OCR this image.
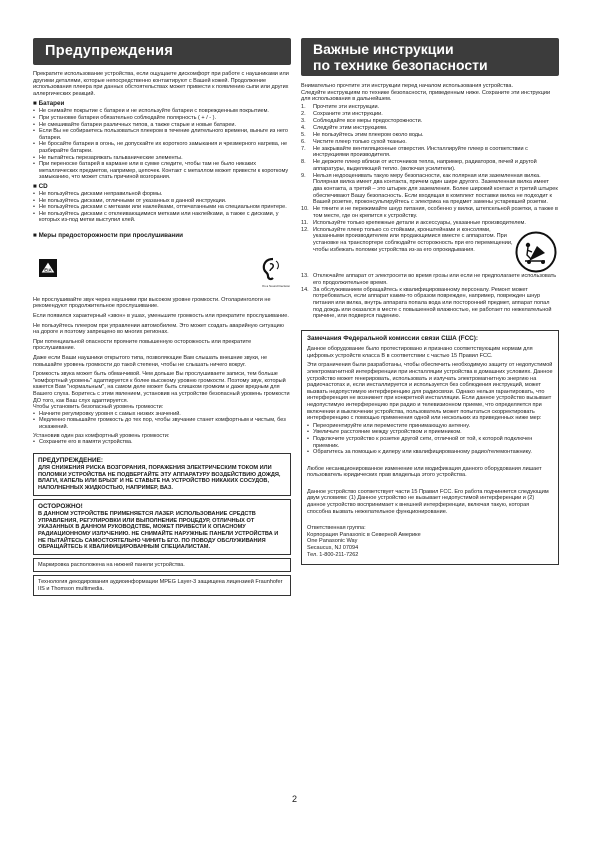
Предупреждения

Прекратите использование устройства, если ощущаете дискомфорт при работе с наушниками или другими деталями, которые непосредственно контактируют с Вашей кожей. Продолжение использования плеера при данных обстоятельствах может привести к появлению сыпи или других аллергических реакций.

■ Батареи
• Не снимайте покрытие с батареи и не используйте батареи с поврежденным покрытием.
• При установке батареи обязательно соблюдайте полярность ( + / - ).
• Не смешивайте батареи различных типов, а также старые и новые батареи.
• Если Вы не собираетесь пользоваться плеером в течение длительного времени, выньте из него батареи.
• Не бросайте батареи в огонь, не допускайте их короткого замыкания и чрезмерного нагрева, не разбирайте батареи.
• Не пытайтесь перезаряжать гальванические элементы.
• При переноске батарей в кармане или в сумке следите, чтобы там не было никаких металлических предметов, например, цепочек. Контакт с металлом может привести к короткому замыканию, что может стать причиной возгорания.
■ CD
• Не пользуйтесь дисками неправильной формы.
• Не пользуйтесь дисками, отличными от указанных в данной инструкции.
• Не пользуйтесь дисками с метками или наклейками, отпечатанными на специальном принтере.
• Не пользуйтесь дисками с отклеивающимися метками или наклейками, а также с дисками, у которых из-под метки выступил клей.
■ Меры предосторожности при прослушивании
EIA
It's a Sound Decision

Не прослушивайте звук через наушники при высоком уровне громкости. Отоларингологи не рекомендуют продолжительное прослушивание.

Если появился характерный «звон» в ушах, уменьшите громкость или прекратите прослушивание.

Не пользуйтесь плеером при управлении автомобилем. Это может создать аварийную ситуацию на дороге и поэтому запрещено во многих регионах.

При потенциальной опасности прояните повышенную осторожность или прекратите прослушивание.

Даже если Ваши наушники открытого типа, позволяющие Вам слышать внешние звуки, не повышайте уровень громкости до такой степени, чтобы не слышать ничего вокруг.

Громкость звука может быть обманчивой. Чем дольше Вы прослушиваете записи, тем больше "комфортный уровень" адаптируется к более высокому уровню громкости. Поэтому звук, который кажется Вам "нормальным", на самом деле может быть слишком громким и даже вредным для Вашего слуха. Боритесь с этим явлением, установив на устройстве безопасный уровень громкости ДО того, как Ваш слух адаптируется.

Чтобы установить безопасный уровень громкости:

• Начните регулировку уровня с самых низких значений.
• Медленно повышайте громкость до тех пор, чтобы звучание станет комфортным и чистым, без искажений.

Установив один раз комфортный уровень громкости:

• Сохраните его в памяти устройства.
ПРЕДУПРЕЖДЕНИЕ:
ДЛЯ СНИЖЕНИЯ РИСКА ВОЗГОРАНИЯ, ПОРАЖЕНИЯ ЭЛЕКТРИЧЕСКИМ ТОКОМ ИЛИ ПОЛОМКИ УСТРОЙСТВА НЕ ПОДВЕРГАЙТЕ ЭТУ АППАРАТУРУ ВОЗДЕЙСТВИЮ ДОЖДЯ, ВЛАГИ, КАПЕЛЬ ИЛИ БРЫЗГ И НЕ СТАВЬТЕ НА УСТРОЙСТВО НИКАКИХ СОСУДОВ, НАПОЛНЕННЫХ ЖИДКОСТЬЮ, НАПРИМЕР, ВАЗ.
ОСТОРОЖНО!
В ДАННОМ УСТРОЙСТВЕ ПРИМЕНЯЕТСЯ ЛАЗЕР. ИСПОЛЬЗОВАНИЕ СРЕДСТВ УПРАВЛЕНИЯ, РЕГУЛИРОВКИ ИЛИ ВЫПОЛНЕНИЕ ПРОЦЕДУР, ОТЛИЧНЫХ ОТ УКАЗАННЫХ В ДАННОМ РУКОВОДСТВЕ, МОЖЕТ ПРИВЕСТИ К ОПАСНОМУ РАДИАЦИОННОМУ ИЗЛУЧЕНИЮ. НЕ СНИМАЙТЕ НАРУЖНЫЕ ПАНЕЛИ УСТРОЙСТВА И НЕ ПЫТАЙТЕСЬ САМОСТОЯТЕЛЬНО ЧИНИТЬ ЕГО. ПО ПОВОДУ ОБСЛУЖИВАНИЯ ОБРАЩАЙТЕСЬ К КВАЛИФИЦИРОВАННЫМ СПЕЦИАЛИСТАМ.
Маркировка расположена на нижней панели устройства.
Технология декодирования аудиоинформации MPEG Layer-3 защищена лицензией Fraunhofer IIS и Thomson multimedia.
Важные инструкции
по технике безопасности

Внимательно прочтите эти инструкции перед началом использования устройства.

Следуйте инструкциям по технике безопасности, приведенным ниже. Сохраните эти инструкции для использования в дальнейшем.

1. Прочтите эти инструкции.
2. Сохраните эти инструкции.
3. Соблюдайте все меры предосторожности.
4. Следуйте этим инструкциям.
5. Не пользуйтесь этим плеером около воды.
6. Чистите плеер только сухой тканью.
7. Не закрывайте вентиляционные отверстия. Инсталлируйте плеер в соответствии с инструкциями производителя.
8. Не держите плеер вблизи от источников тепла, например, радиаторов, печей и другой аппаратуры, выделяющей тепло. (включая усилители).
9. Нельзя недооценивать такую меру безопасности, как полярная или заземленная вилка. Полярная вилка имеет два контакта, причем один шире другого. Заземленная вилка имеет два контакта, а третий – это штырек для заземления. Более широкий контакт и третий штырек обеспечивают Вашу безопасность. Если входящая в комплект поставки вилка не подходит к Вашей розетке, проконсультируйтесь с электрика на предмет замены устаревшей розетки.
10. Не тяните и не пережимайте шнур питания, особенно у вилки, штепсельной розетки, а также в том месте, где он крепится к устройству.
11. Используйте только крепежные детали и аксессуары, указанные производителем.
12. Используйте плеер только со стойками, кронштейнами и консолями, указанными производителем или продающимися вместе с аппаратом. При установке на транспортере соблюдайте осторожность при его перемещении, чтобы избежать поломки устройства из-за его опрокидывания.
13. Отключайте аппарат от электросети во время грозы или если не предполагаете использовать его продолжительное время.
14. За обслуживанием обращайтесь к квалифицированному персоналу. Ремонт может потребоваться, если аппарат каким-то образом поврежден, например, поврежден шнур питания или вилка, внутрь аппарата попала вода или посторонний предмет, аппарат попал под дождь или оказался в месте с повышенной влажностью, не работает по нежелательной причине, или подвергся падению.
Замечания Федеральной комиссии связи США (FCC):

Данное оборудование было протестировано и признано соответствующим нормам для цифровых устройств класса B в соответствии с частью 15 Правил FCC.

Эти ограничения были разработаны, чтобы обеспечить необходимую защиту от недопустимой электромагнитной интерференции при инсталляции устройства в домашних условиях. Данное устройство может генерировать, использовать и излучать электромагнитную энергию на радиочастотах и, если инсталлируется и используется без соблюдения инструкций, может вызвать недопустимую интерференцию для радиосвязи. Однако нельзя гарантировать, что интерференция не возникнет при конкретной инсталляции. Если данное устройство вызывает недопустимую интерференцию при радио и телевизионном приеме, что определяется при включении и выключении устройства, пользователь может попытаться скорректировать интерференцию с помощью применения одной или нескольких из приведенных ниже мер:

• Переориентируйте или переместите принимающую антенну.
• Увеличьте расстояние между устройством и приемником.
• Подключите устройство к розетке другой сети, отличной от той, к которой подключен приемник.
• Обратитесь за помощью к дилеру или квалифицированному радио/телемонтажнику.

Любое несанкционированное изменение или модификация данного оборудования лишает пользователь юридических прав владельца этого устройства.

Данное устройство соответствует части 15 Правил FCC. Его работа подчиняется следующим двум условиям: (1) Данное устройство не вызывает недопустимой интерференции и (2) данное устройство воспринимает к внешней интерференции, включая такую, которая способна вызвать нежелательное функционирование.

Ответственная группа:
Корпорация Panasonic в Северной Америке
One Panasonic Way
Secaucus, NJ 07094
Тел. 1-800-211-7262
2
